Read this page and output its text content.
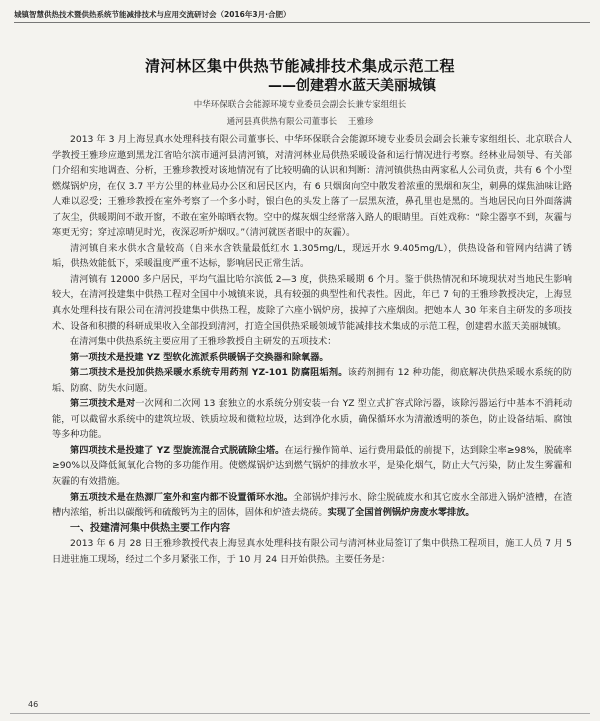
城镇智慧供热技术暨供热系统节能减排技术与应用交流研讨会（2016年3月·合肥）
清河林区集中供热节能减排技术集成示范工程
——创建碧水蓝天美丽城镇
中华环保联合会能源环境专业委员会副会长兼专家组组长
通河县真供热有限公司董事长 王雅珍

2013 年 3 月上海昱真水处理科技有限公司董事长、中华环保联合会能源环境专业委员会副会长兼专家组组长、北京联合人学教授王雅珍应邀到黑龙江省哈尔滨市通河县清河镇，对清河林业局供热采暖设备和运行情况进行考察。经林业局领导、有关部门介绍和实地调查、分析，王雅珍教授对该地情况有了比较明确的认识和判断：清河镇供热由两家私人公司负责，共有 6 个小型燃煤锅炉房，在仅 3.7 平方公里的林业局办公区和居民区内，有 6 只烟囱向空中散发着浓重的黑烟和灰尘，刺鼻的煤焦油味让路人难以忍受；王雅珍教授在室外考察了一个多小时，银白色的头发上落了一层黑灰渣，鼻孔里也是黑的。当地居民向日外面落满了灰尘，供暖期间不敢开窗，不敢在室外晾晒衣物。空中的煤灰烟尘经常落入路人的眼睛里。百姓戏称：“除尘器享不到，灰霾与寒更无穷；穿过凉晴见时光，夜深忍听炉烟叹。”（清河就医者眼中的灰霾）。

清河镇自来水供水含量较高（自来水含铁量最低红水 1.305mg/L，现远开水 9.405mg/L），供热设备和管网内结满了锈垢，供热效能低下，采暖温度严重不达标，影响居民正常生活。

清河镇有 12000 多户居民，平均气温比哈尔滨低 2—3 度，供热采暖期 6 个月。鉴于供热情况和环境现状对当地民生影响较大，在清河投建集中供热工程对全国中小城镇来说，具有较强的典型性和代表性。因此，年已 7 旬的王雅珍教授决定，上海昱真水处理科技有限公司在清河投建集中供热工程，废除了六座小锅炉房，拔掉了六座烟囱。把她本人 30 年来自主研发的多项技术、设备和积攒的科研成果收入全部投到清河，打造全国供热采暖领域节能减排技术集成的示范工程，创建碧水蓝天美丽城镇。

在清河集中供热系统主要应用了王雅珍教授自主研发的五项技术：

第一项技术是投建 YZ 型软化流派系供暖锅子交换器和除氧器。

第二项技术是投加供热采暖水系统专用药剂 YZ-101 防腐阻垢剂。该药剂拥有 12 种功能，彻底解决供热采暖水系统的防垢、防腐、防失水问题。

第三项技术是对一次网和二次网 13 套独立的水系统分别安装一台 YZ 型立式扩容式除污器，该除污器运行中基本不消耗动能，可以截留水系统中的建筑垃圾、铁质垃圾和微粒垃圾，达到净化水质，确保循环水为清澈透明的茶色，防止设备结垢、腐蚀等多种功能。

第四项技术是投建了 YZ 型旋流混合式脱硫除尘塔。在运行操作简单、运行费用最低的前提下，达到除尘率≥98%，脱硫率≥90%以及降低氮氧化合物的多功能作用。使燃煤锅炉达到燃气锅炉的排放水平，是染化烟气，防止大气污染，防止发生雾霾和灰霾的有效措施。

第五项技术是在热源厂室外和室内都不设置循环水池。全部锅炉排污水、除尘脱硫废水和其它废水全部进入锅炉渣槽，在渣槽内浓缩，析出以碳酸钙和硫酸钙为主的固体，固体和炉渣去烧砖。实现了全国首例锅炉房废水零排放。

一、投建清河集中供热主要工作内容

2013 年 6 月 28 日王雅珍教授代表上海昱真水处理科技有限公司与清河林业局签订了集中供热工程项目，施工人员 7 月 5 日进驻施工现场，经过二个多月紧张工作，于 10 月 24 日开始供热。主要任务是：

46
